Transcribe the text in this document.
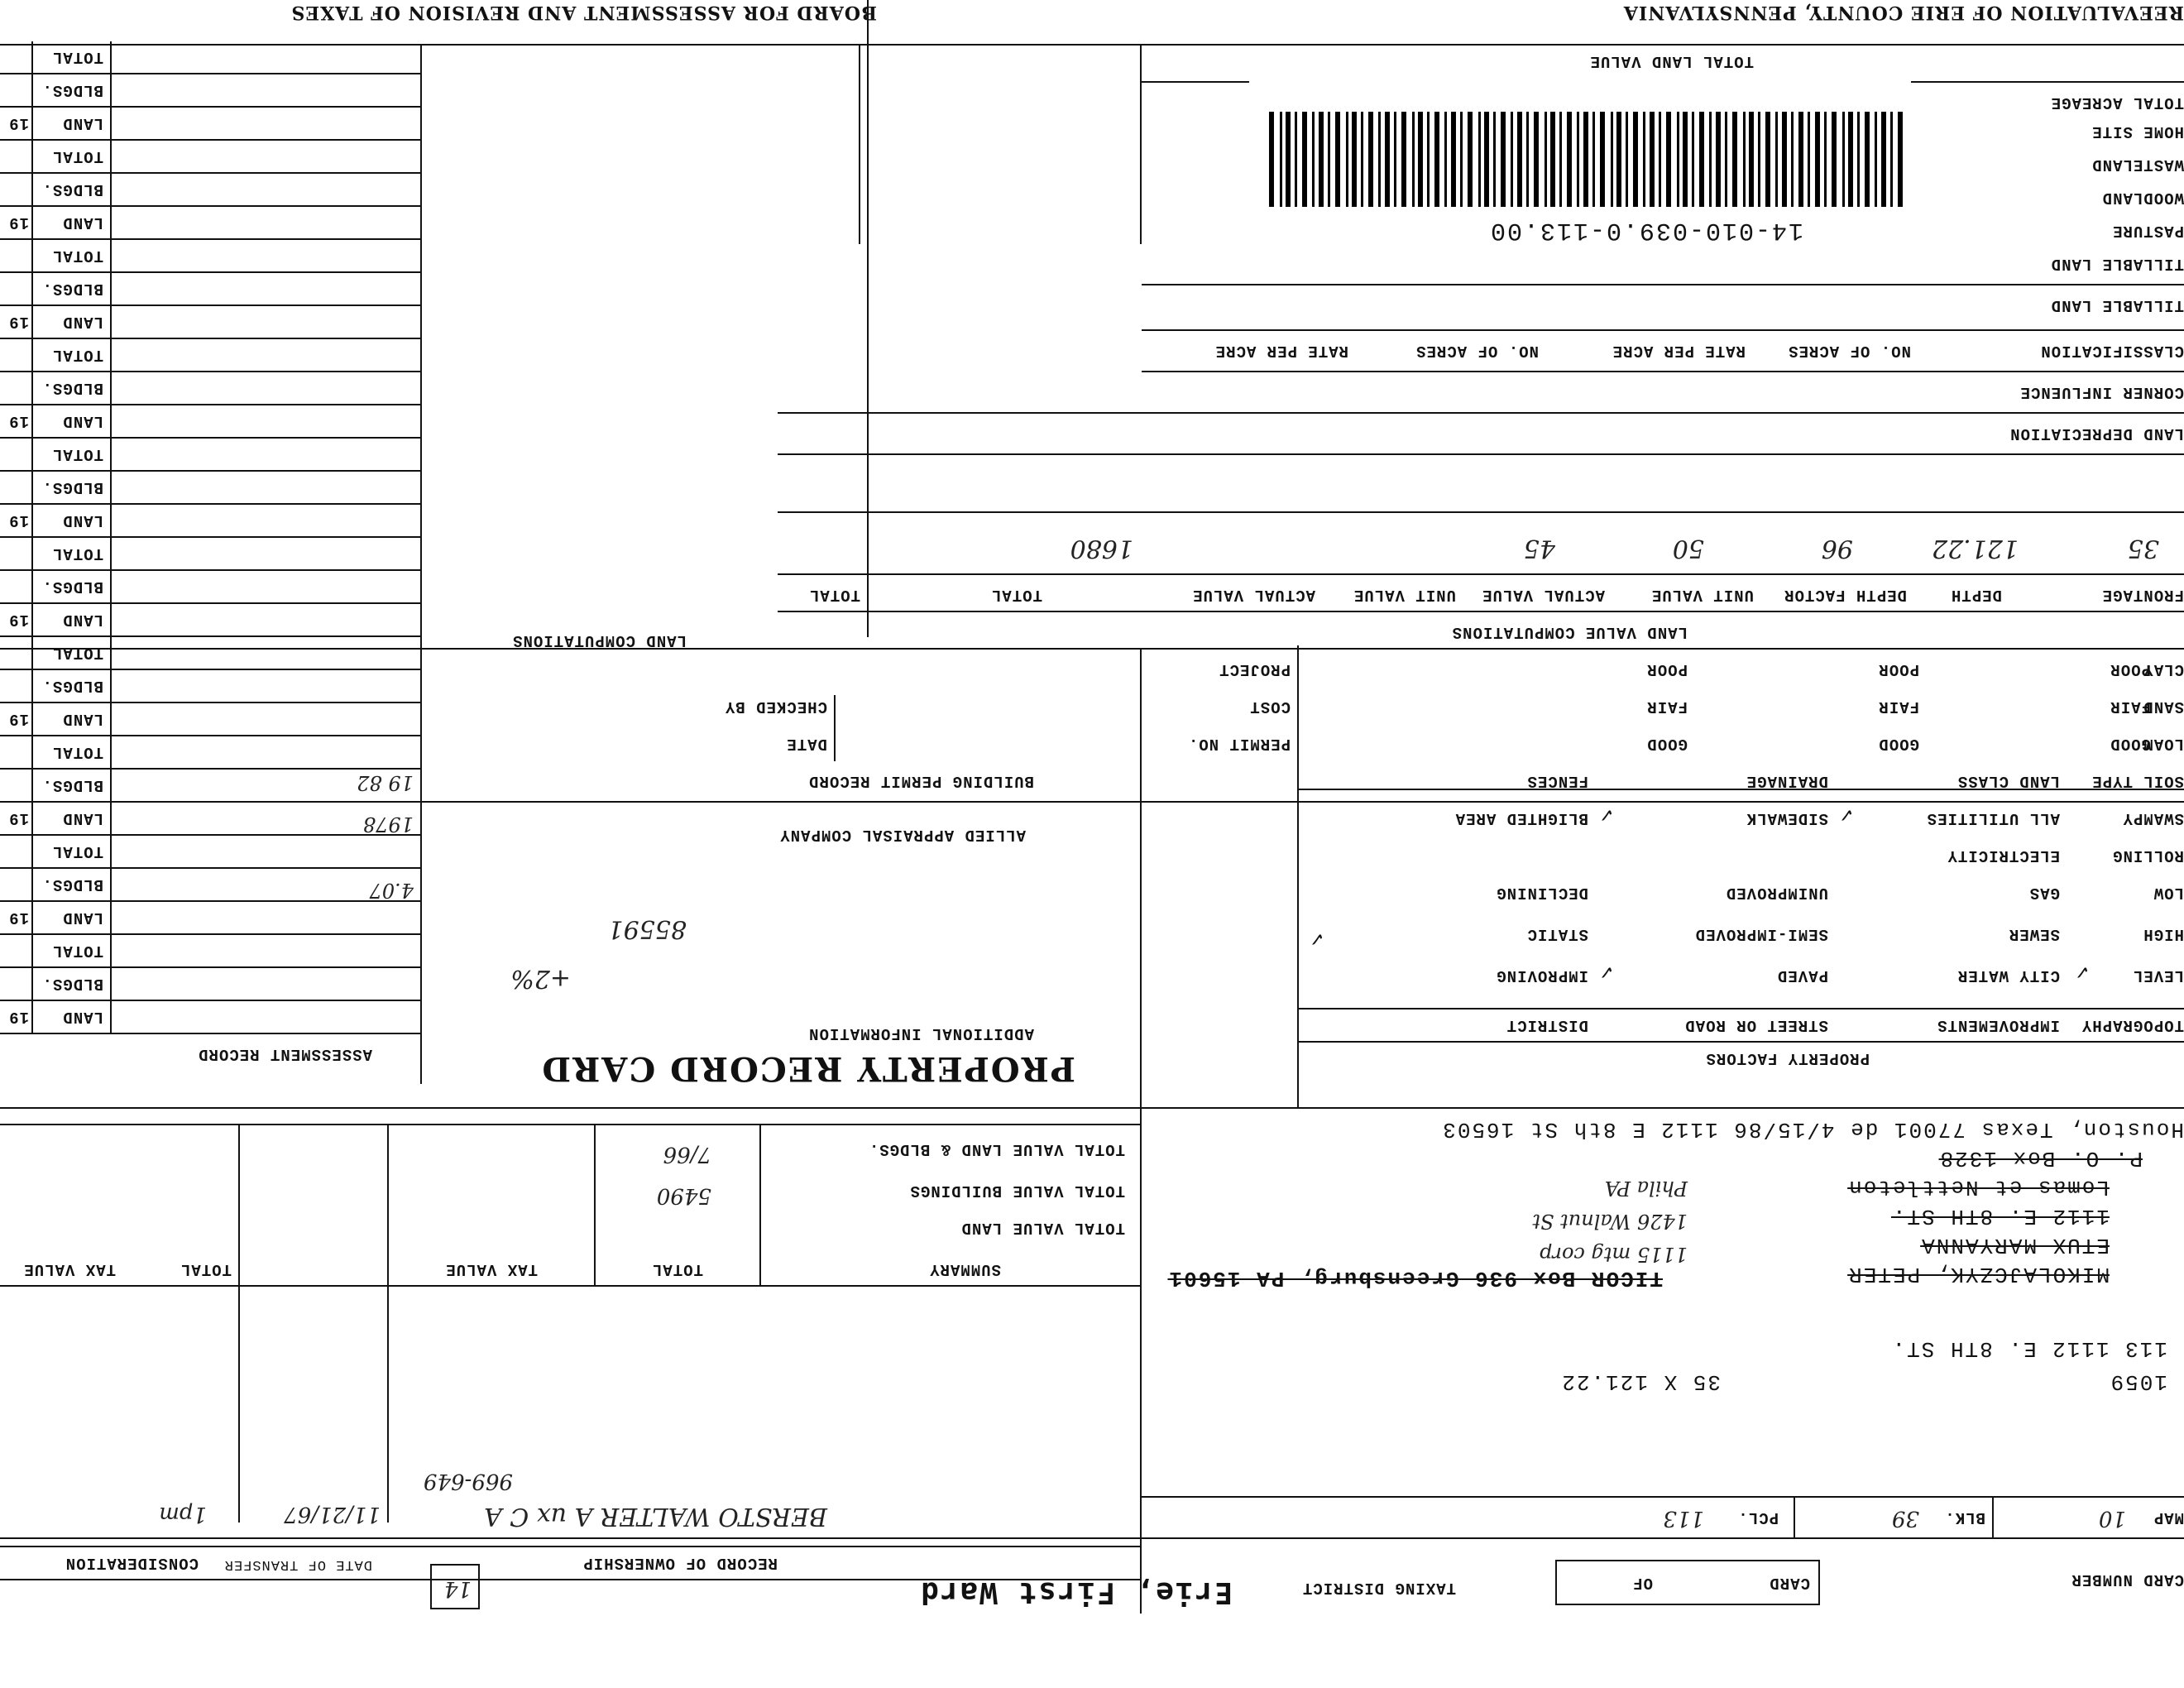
REEVALUATION OF ERIE COUNTY, PENNSYLVANIA
BOARD FOR ASSESSMENT AND REVISION OF TAXES
TOTAL LAND VALUE
TOTAL ACREAGE
HOME SITE
WASTELAND
WOODLAND
PASTURE
TILLABLE LAND
TILLABLE LAND
14-010-039.0-113.00
CLASSIFICATION
NO. OF ACRES
RATE PER ACRE
NO. OF ACRES
RATE PER ACRE
CORNER INFLUENCE
LAND DEPRECIATION
FRONTAGE
DEPTH
DEPTH FACTOR
UNIT VALUE
ACTUAL VALUE
UNIT VALUE
ACTUAL VALUE
TOTAL
TOTAL
35
121.22
96
50
45
1680
LAND VALUE COMPUTATIONS
CLAY
SAND
LOAM
POOR
FAIR
GOOD
POOR
FAIR
GOOD
POOR
FAIR
GOOD
SOIL TYPE
LAND CLASS
DRAINAGE
FENCES
SWAMPY
ROLLING
LOW
HIGH
LEVEL
ALL UTILITIES
ELECTRICITY
GAS
SEWER
CITY WATER
SIDEWALK
UNIMPROVED
SEMI-IMPROVED
PAVED
BLIGHTED AREA
DECLINING
STATIC
IMPROVING	✓
✓
✓
✓
✓
TOPOGRAPHY
IMPROVEMENTS
STREET OR ROAD
DISTRICT
PROPERTY FACTORS
Houston, Texas 77001 de 4/15/86 1112 E 8th St 16503
P. O. Box 1328
Lomas et Nettleton
Phila PA
1112 E. 8TH ST.
1426 Walnut St
ETUX MARYANNA
1115 mtg corp
MIKOLAJCZYK, PETER
TICOR Box 936 Greensburg, PA 15601
113 1112 E. 8TH ST.
1059
35 X 121.22
MAP
10
BLK.
39
PCL.
113
CARD NUMBER
CARD
OF
TAXING DISTRICT
Erie, First Ward
14
PROJECT
COST
PERMIT NO.
CHECKED BY
DATE
LAND COMPUTATIONS
BUILDING PERMIT RECORD
ALLIED APPRAISAL COMPANY
85591
+2%
ADDITIONAL INFORMATION
PROPERTY RECORD CARD
ASSESSMENT RECORD
4.07
1978
19 82
LAND
19
BLDGS.
TOTAL
LAND
19
BLDGS.
TOTAL
LAND
19
BLDGS.
TOTAL
LAND
19
BLDGS.
TOTAL
LAND
19
BLDGS.
TOTAL
LAND
19
BLDGS.
TOTAL
LAND
19
BLDGS.
TOTAL
LAND
19
BLDGS.
TOTAL
LAND
19
BLDGS.
TOTAL
LAND
19
BLDGS.
TOTAL
TOTAL VALUE LAND & BLDGS.
TOTAL VALUE BUILDINGS
TOTAL VALUE LAND
SUMMARY
TOTAL
TAX VALUE
TOTAL
TAX VALUE
7/66
5490
BERSTO WALTER A ux C A
11/21/67
1pm
969-649
RECORD OF OWNERSHIP
DATE OF TRANSFER
CONSIDERATION
